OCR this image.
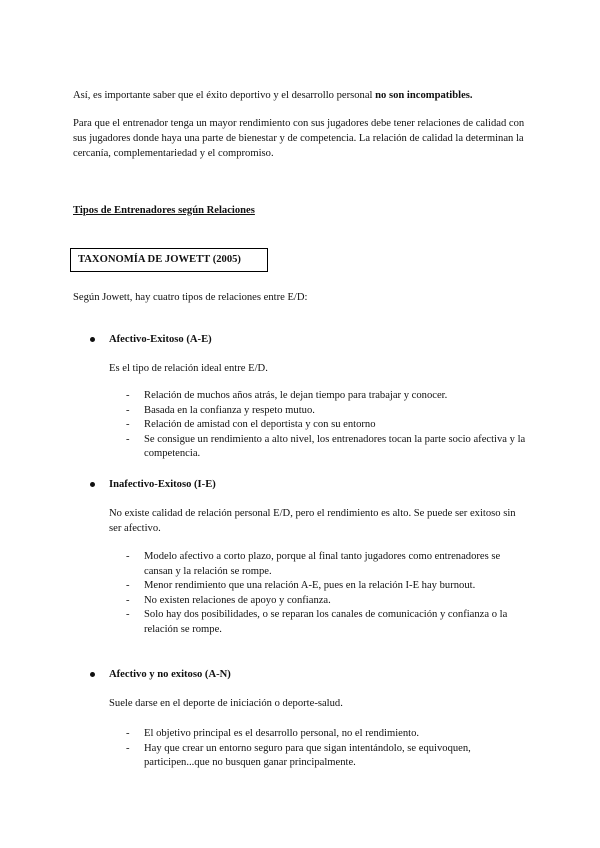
Así, es importante saber que el éxito deportivo y el desarrollo personal no son incompatibles.

Para que el entrenador tenga un mayor rendimiento con sus jugadores debe tener relaciones de calidad con sus jugadores donde haya una parte de bienestar y de competencia. La relación de calidad la determinan la cercanía, complementariedad y el compromiso.

Tipos de Entrenadores según Relaciones

TAXONOMÍA DE JOWETT (2005)

Según Jowett, hay cuatro tipos de relaciones entre E/D:

Afectivo-Exitoso (A-E)

Es el tipo de relación ideal entre E/D.

- Relación de muchos años atrás, le dejan tiempo para trabajar y conocer.
- Basada en la confianza y respeto mutuo.
- Relación de amistad con el deportista y con su entorno
- Se consigue un rendimiento a alto nivel, los entrenadores tocan la parte socio afectiva y la competencia.
Inafectivo-Exitoso (I-E)

No existe calidad de relación personal E/D, pero el rendimiento es alto. Se puede ser exitoso sin ser afectivo.

- Modelo afectivo a corto plazo, porque al final tanto jugadores como entrenadores se cansan y la relación se rompe.
- Menor rendimiento que una relación A-E, pues en la relación I-E hay burnout.
- No existen relaciones de apoyo y confianza.
- Solo hay dos posibilidades, o se reparan los canales de comunicación y confianza o la relación se rompe.
Afectivo y no exitoso (A-N)

Suele darse en el deporte de iniciación o deporte-salud.

- El objetivo principal es el desarrollo personal, no el rendimiento.
- Hay que crear un entorno seguro para que sigan intentándolo, se equivoquen, participen...que no busquen ganar principalmente.
